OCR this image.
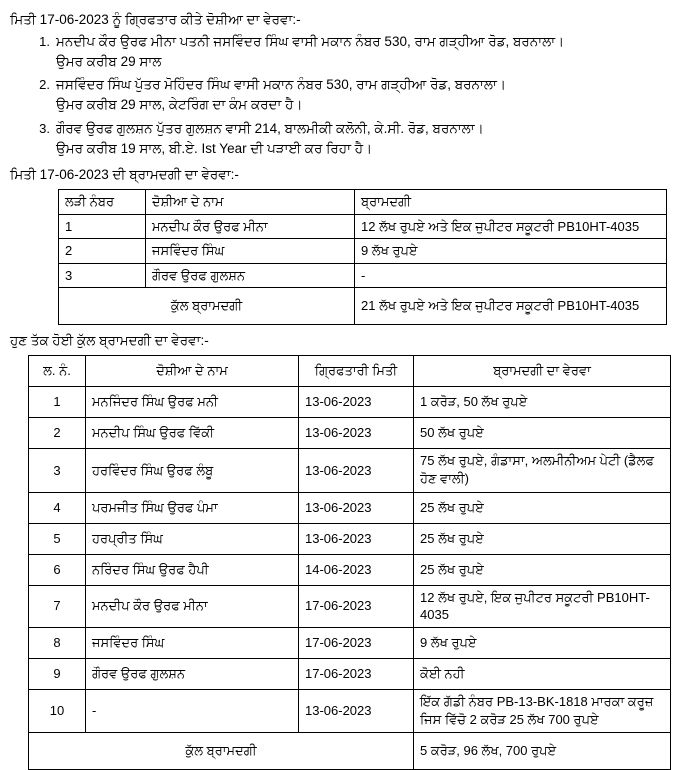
ਮਿਤੀ 17-06-2023 ਨੂੰ ਗ੍ਰਿਫਤਾਰ ਕੀਤੇ ਦੋਸ਼ੀਆ ਦਾ ਵੇਰਵਾ:-
1. ਮਨਦੀਪ ਕੌਰ ਉਰਫ ਮੀਨਾ ਪਤਨੀ ਜਸਵਿੰਦਰ ਸਿੰਘ ਵਾਸੀ ਮਕਾਨ ਨੰਬਰ 530, ਰਾਮ ਗੜ੍ਹੀਆ ਰੋਡ, ਬਰਨਾਲਾ।
ਉਮਰ ਕਰੀਬ 29 ਸਾਲ
2. ਜਸਵਿੰਦਰ ਸਿੰਘ ਪੁੱਤਰ ਮੋਹਿੰਦਰ ਸਿੰਘ ਵਾਸੀ ਮਕਾਨ ਨੰਬਰ 530, ਰਾਮ ਗੜ੍ਹੀਆ ਰੋਡ, ਬਰਨਾਲਾ।
ਉਮਰ ਕਰੀਬ 29 ਸਾਲ, ਕੇਟਰਿੰਗ ਦਾ ਕੰਮ ਕਰਦਾ ਹੈ।
3. ਗੌਰਵ ਉਰਫ ਗੁਲਸ਼ਨ ਪੁੱਤਰ ਗੁਲਸ਼ਨ ਵਾਸੀ 214, ਬਾਲਮੀਕੀ ਕਲੋਨੀ, ਕੇ.ਸੀ. ਰੋਡ, ਬਰਨਾਲਾ।
ਉਮਰ ਕਰੀਬ 19 ਸਾਲ, ਬੀ.ਏ. Ist Year ਦੀ ਪੜਾਈ ਕਰ ਰਿਹਾ ਹੈ।
ਮਿਤੀ 17-06-2023 ਦੀ ਬ੍ਰਾਮਦਗੀ ਦਾ ਵੇਰਵਾ:-
ਲੜੀ ਨੰਬਰ	ਦੋਸ਼ੀਆ ਦੇ ਨਾਮ	ਬ੍ਰਾਮਦਗੀ
1	ਮਨਦੀਪ ਕੌਰ ਉਰਫ ਮੀਨਾ	12 ਲੱਖ ਰੁਪਏ ਅਤੇ ਇਕ ਜੁਪੀਟਰ ਸਕੂਟਰੀ PB10HT-4035
2	ਜਸਵਿੰਦਰ ਸਿੰਘ	9 ਲੱਖ ਰੁਪਏ
3	ਗੌਰਵ ਉਰਫ ਗੁਲਸ਼ਨ	-
ਕੁੱਲ ਬ੍ਰਾਮਦਗੀ		21 ਲੱਖ ਰੁਪਏ ਅਤੇ ਇਕ ਜੁਪੀਟਰ ਸਕੂਟਰੀ PB10HT-4035
ਹੁਣ ਤੱਕ ਹੋਈ ਕੁੱਲ ਬ੍ਰਾਮਦਗੀ ਦਾ ਵੇਰਵਾ:-
ਲ. ਨੰ.	ਦੋਸ਼ੀਆ ਦੇ ਨਾਮ	ਗ੍ਰਿਫਤਾਰੀ ਮਿਤੀ	ਬ੍ਰਾਮਦਗੀ ਦਾ ਵੇਰਵਾ
1	ਮਨਜਿੰਦਰ ਸਿੰਘ ਉਰਫ ਮਨੀ	13-06-2023	1 ਕਰੋੜ, 50 ਲੱਖ ਰੁਪਏ
2	ਮਨਦੀਪ ਸਿੰਘ ਉਰਫ ਵਿੱਕੀ	13-06-2023	50 ਲੱਖ ਰੁਪਏ
3	ਹਰਵਿੰਦਰ ਸਿੰਘ ਉਰਫ ਲੰਬੂ	13-06-2023	75 ਲੱਖ ਰੁਪਏ, ਗੰਡਾਸਾ, ਅਲਮੀਨੀਅਮ ਪੇਟੀ (ਡੈਲਫ
ਹੋਣ ਵਾਲੀ)

4	ਪਰਮਜੀਤ ਸਿੰਘ ਉਰਫ ਪੰਮਾ	13-06-2023	25 ਲੱਖ ਰੁਪਏ
5	ਹਰਪ੍ਰੀਤ ਸਿੰਘ	13-06-2023	25 ਲੱਖ ਰੁਪਏ
6	ਨਰਿੰਦਰ ਸਿੰਘ ਉਰਫ ਹੈਪੀ	14-06-2023	25 ਲੱਖ ਰੁਪਏ
7	ਮਨਦੀਪ ਕੌਰ ਉਰਫ ਮੀਨਾ	17-06-2023	12 ਲੱਖ ਰੁਪਏ, ਇਕ ਜੁਪੀਟਰ ਸਕੂਟਰੀ PB10HT-4035
8	ਜਸਵਿੰਦਰ ਸਿੰਘ	17-06-2023	9 ਲੱਖ ਰੁਪਏ
9	ਗੌਰਵ ਉਰਫ ਗੁਲਸ਼ਨ	17-06-2023	ਕੋਈ ਨਹੀ
10	-	13-06-2023	ਇੱਕ ਗੱਡੀ ਨੰਬਰ PB-13-BK-1818 ਮਾਰਕਾ ਕਰੂਜ਼
ਜਿਸ ਵਿੱਚੋ 2 ਕਰੋੜ 25 ਲੱਖ 700 ਰੁਪਏ

ਕੁੱਲ ਬ੍ਰਾਮਦਗੀ			5 ਕਰੋੜ, 96 ਲੱਖ, 700 ਰੁਪਏ
